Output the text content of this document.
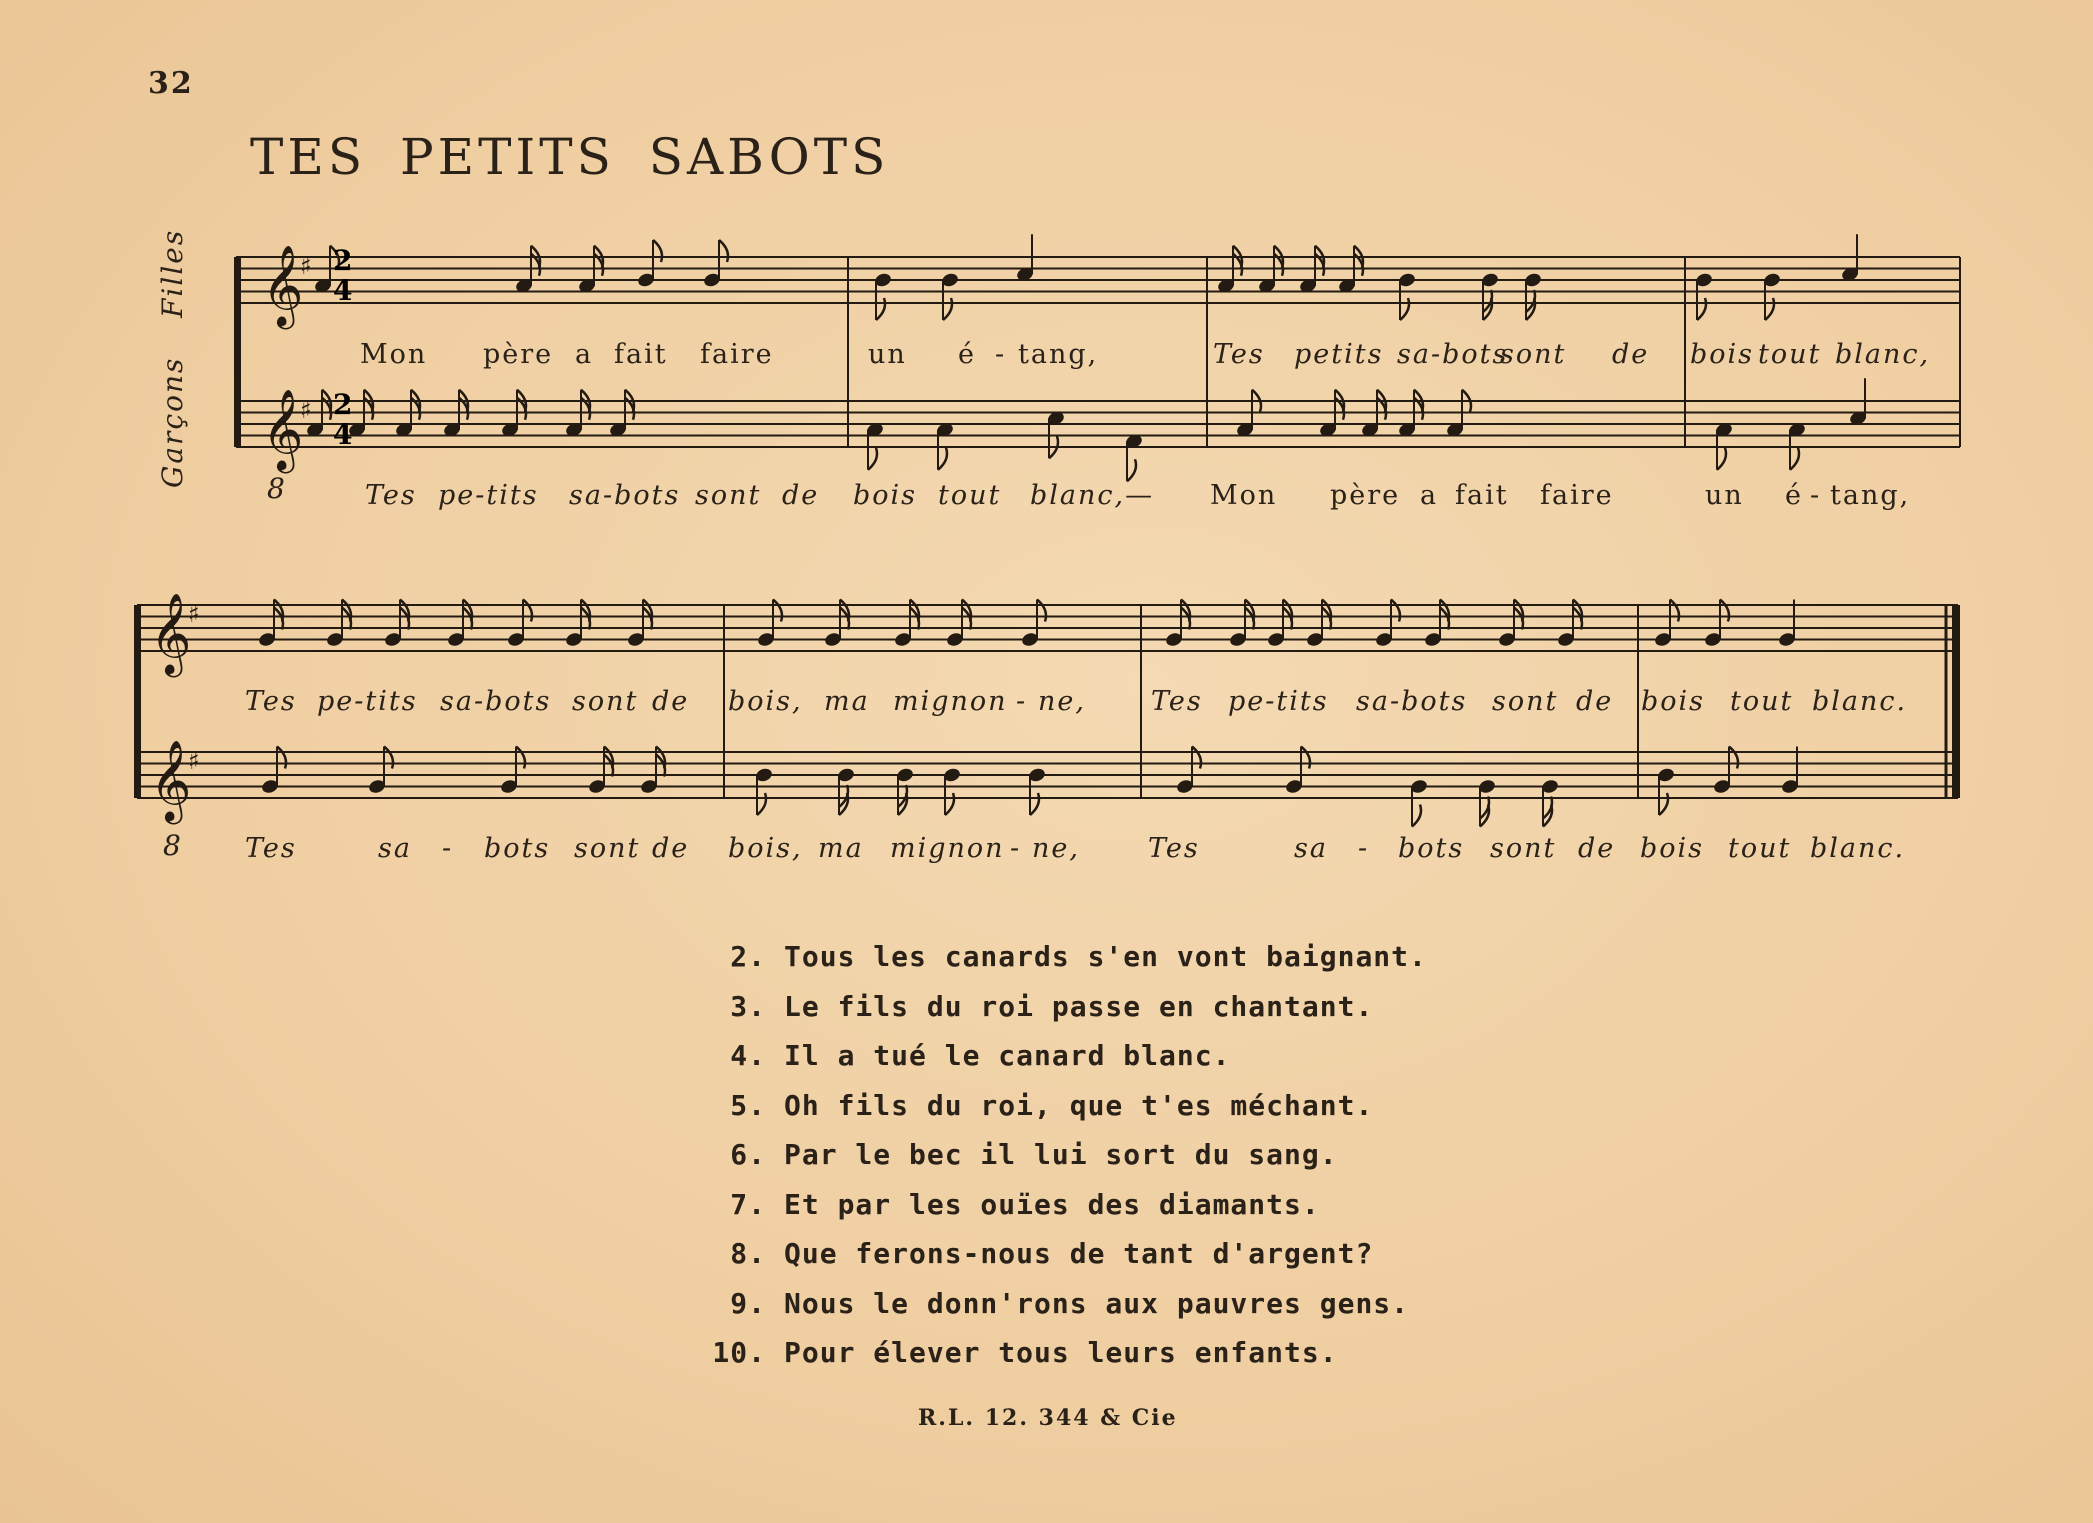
32
TES PETITS SABOTS
Filles
Garçons
𝄞
♯
𝄞
♯
𝄞
♯
𝄞
♯
2
4
2
4
8
8
Mon père a fait faire	un é - tang,	Tes petits sa-bots
sont de bois tout blanc,
Tes pe-tits sa-bots sont de bois tout blanc,— Mon père a fait faire	un é - tang,
Tes pe-tits sa-bots sont de bois, ma mignon - ne, Tes pe-tits sa-bots sont de bois tout blanc.
Tes	sa - bots sont de bois, ma mignon - ne,	Tes	sa - bots sont de bois tout blanc.
2. Tous les canards s'en vont baignant.
3. Le fils du roi passe en chantant.
4. Il a tué le canard blanc.
5. Oh fils du roi, que t'es méchant.
6. Par le bec il lui sort du sang.
7. Et par les ouïes des diamants.
8. Que ferons-nous de tant d'argent?
9. Nous le donn'rons aux pauvres gens.
10. Pour élever tous leurs enfants.
R.L. 12. 344 & Cie
